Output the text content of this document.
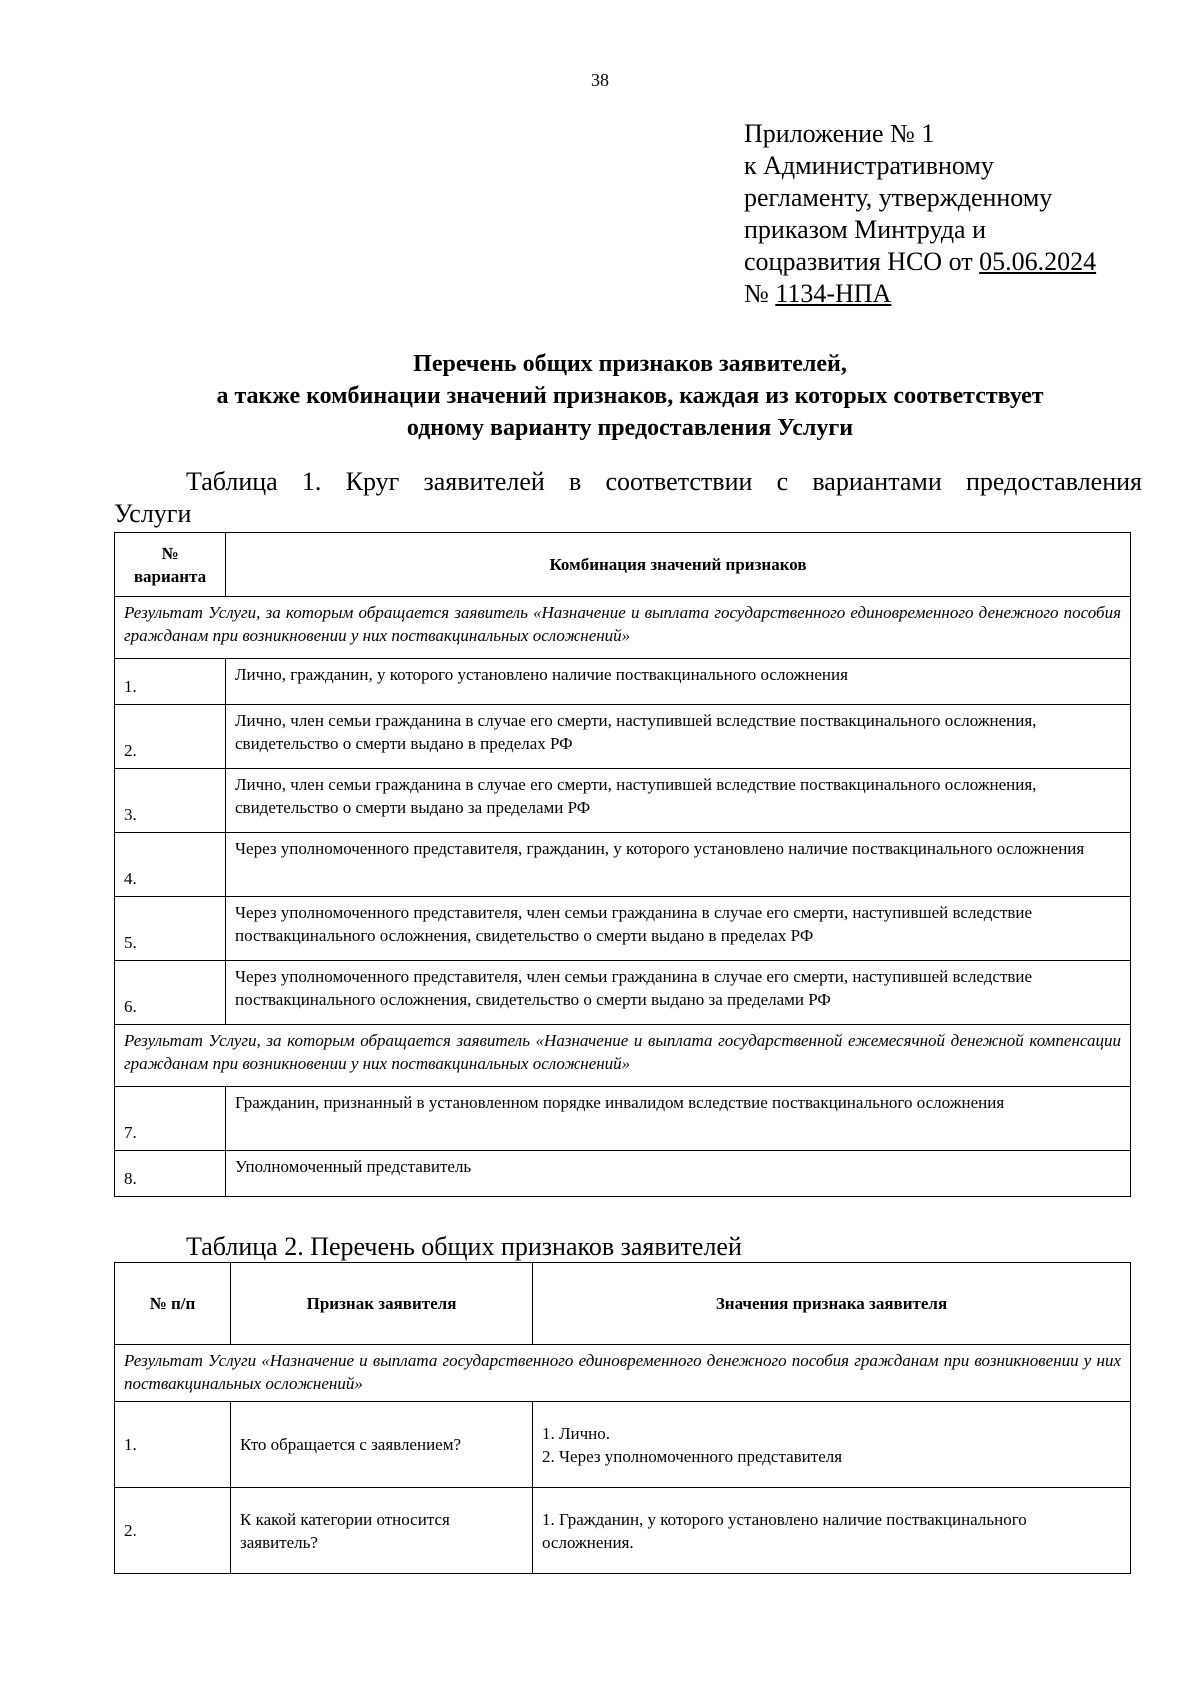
38
Приложение № 1
к Административному
регламенту, утвержденному
приказом Минтруда и
соцразвития НСО от 05.06.2024
№ 1134-НПА
Перечень общих признаков заявителей,
а также комбинации значений признаков, каждая из которых соответствует
одному варианту предоставления Услуги
Таблица 1. Круг заявителей в соответствии с вариантами предоставления
Услуги
№ варианта	Комбинация значений признаков
Результат Услуги, за которым обращается заявитель «Назначение и выплата государственного единовременного денежного пособия гражданам при возникновении у них поствакцинальных осложнений»	
1.	Лично, гражданин, у которого установлено наличие поствакцинального осложнения
2.	Лично, член семьи гражданина в случае его смерти, наступившей вследствие поствакцинального осложнения, свидетельство о смерти выдано в пределах РФ
3.	Лично, член семьи гражданина в случае его смерти, наступившей вследствие поствакцинального осложнения, свидетельство о смерти выдано за пределами РФ
4.	Через уполномоченного представителя, гражданин, у которого установлено наличие поствакцинального осложнения
5.	Через уполномоченного представителя, член семьи гражданина в случае его смерти, наступившей вследствие поствакцинального осложнения, свидетельство о смерти выдано в пределах РФ
6.	Через уполномоченного представителя, член семьи гражданина в случае его смерти, наступившей вследствие поствакцинального осложнения, свидетельство о смерти выдано за пределами РФ
Результат Услуги, за которым обращается заявитель «Назначение и выплата государственной ежемесячной денежной компенсации гражданам при возникновении у них поствакцинальных осложнений»	
7.	Гражданин, признанный в установленном порядке инвалидом вследствие поствакцинального осложнения
8.	Уполномоченный представитель
Таблица 2. Перечень общих признаков заявителей
№ п/п	Признак заявителя	Значения признака заявителя
Результат Услуги «Назначение и выплата государственного единовременного денежного пособия гражданам при возникновении у них поствакцинальных осложнений»		
1.	Кто обращается с заявлением?	1. Лично.
2. Через уполномоченного представителя

2.	К какой категории относится заявитель?	1. Гражданин, у которого установлено наличие поствакцинального осложнения.
